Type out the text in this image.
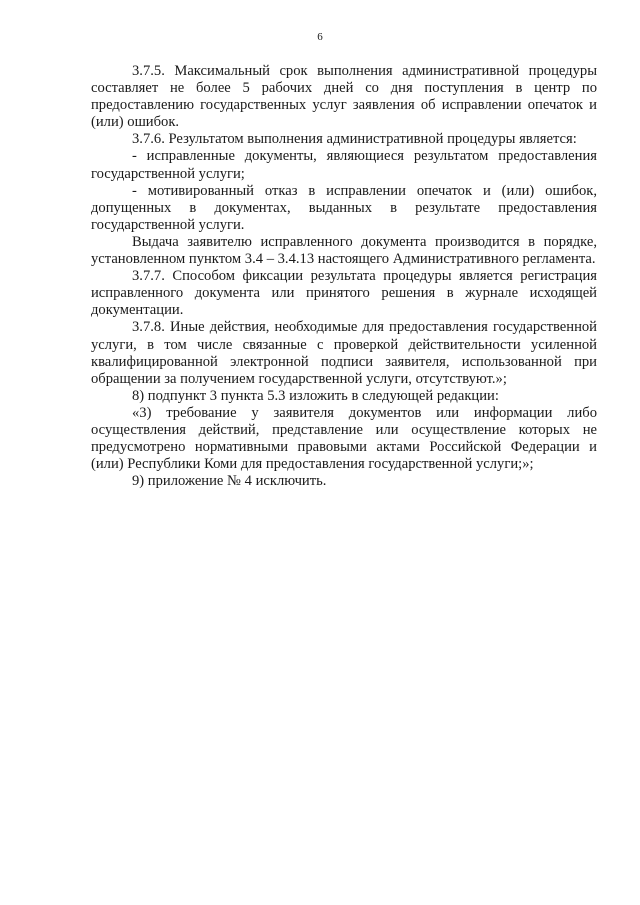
6

3.7.5. Максимальный срок выполнения административной процедуры составляет не более 5 рабочих дней со дня поступления в центр по предоставлению государственных услуг заявления об исправлении опечаток и (или) ошибок.

3.7.6. Результатом выполнения административной процедуры является:

- исправленные документы, являющиеся результатом предоставления государственной услуги;

- мотивированный отказ в исправлении опечаток и (или) ошибок, допущенных в документах, выданных в результате предоставления государственной услуги.

Выдача заявителю исправленного документа производится в порядке, установленном пунктом 3.4 – 3.4.13 настоящего Административного регламента.

3.7.7. Способом фиксации результата процедуры является регистрация исправленного документа или принятого решения в журнале исходящей документации.

3.7.8. Иные действия, необходимые для предоставления государственной услуги, в том числе связанные с проверкой действительности усиленной квалифицированной электронной подписи заявителя, использованной при обращении за получением государственной услуги, отсутствуют.»;

8) подпункт 3 пункта 5.3 изложить в следующей редакции:

«3) требование у заявителя документов или информации либо осуществления действий, представление или осуществление которых не предусмотрено нормативными правовыми актами Российской Федерации и (или) Республики Коми для предоставления государственной услуги;»;

9) приложение № 4 исключить.
